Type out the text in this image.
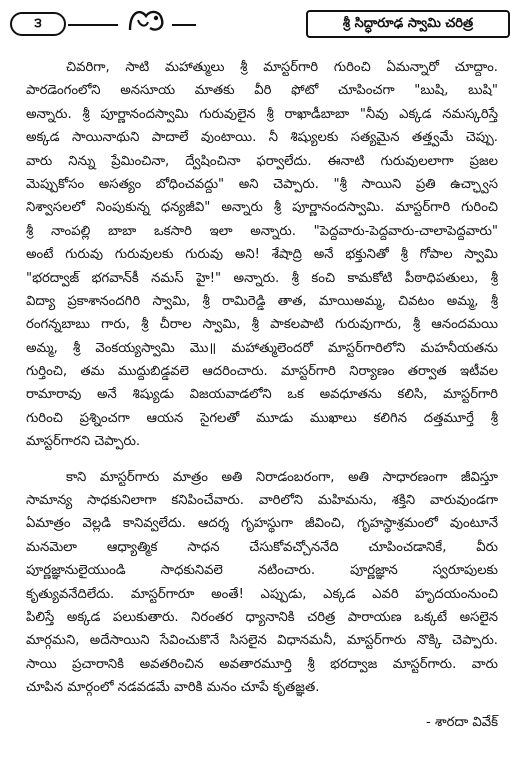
౩	శ్రీ సిద్ధారూఢ స్వామి చరిత్ర
చివరిగా, సాటి మహాత్ములు శ్రీ మాస్టర్‌గారి గురించి ఏమన్నారో చూద్దాం.
పారడెంగంలోని అనసూయ మాతకు వీరి ఫోటో చూపించగా "బుషి, బుషి"
అన్నారు. శ్రీ పూర్ణానందస్వామి గురువులైన శ్రీ రాఖాడీబాబా "నీవు ఎక్కడ నమస్కరిస్తే
అక్కడ సాయినాథుని పాదాలే వుంటాయి. నీ శిష్యులకు సత్యమైన తత్త్వమే చెప్పు.
వారు నిన్ను ప్రేమించినా, ద్వేషించినా ఫర్వాలేదు. ఈనాటి గురువులలాగా ప్రజల
మెప్పుకోసం అసత్యం బోధించవద్దు" అని చెప్పారు. "శ్రీ సాయిని ప్రతి ఉచ్ఛ్వాస
నిశ్వాసలలో నింపుకున్న ధన్యజీవి" అన్నారు శ్రీ పూర్ణానందస్వామి. మాస్టర్‌గారి గురించి
శ్రీ నాంపల్లి బాబా ఒకసారి ఇలా అన్నారు. "పెద్దవారు-పెద్దవారు-చాలాపెద్దవారు"
అంటే గురువు గురువులకు గురువు అని! శేషాద్రి అనే భక్తునితో శ్రీ గోపాల స్వామి
"భరద్వాజ్ భగవాన్‌కీ నమస్ హై!" అన్నారు. శ్రీ కంచి కామకోటి పీఠాధిపతులు, శ్రీ
విద్యా ప్రకాశానందగిరి స్వామి, శ్రీ రామిరెడ్డి తాత, మాయిఅమ్మ, చివటం అమ్మ, శ్రీ
రంగన్నబాబు గారు, శ్రీ చీరాల స్వామి, శ్రీ పాకలపాటి గురువుగారు, శ్రీ ఆనందమయి
అమ్మ, శ్రీ వెంకయ్యస్వామి మొ॥ మహాత్ములెందరో మాస్టర్‌గారిలోని మహనీయతను
గుర్తించి, తమ ముద్దుబిడ్డవలె ఆదరించారు. మాస్టర్‌గారి నిర్యాణం తర్వాత ఇటీవల
రామారావు అనే శిష్యుడు విజయవాడలోని ఒక అవధూతను కలిసి, మాస్టర్‌గారి
గురించి ప్రశ్నించగా ఆయన సైగలతో మూడు ముఖాలు కలిగిన దత్తమూర్తే శ్రీ
మాస్టర్‌గారని చెప్పారు.
కాని మాస్టర్‌గారు మాత్రం అతి నిరాడంబరంగా, అతి సాధారణంగా జీవిస్తూ
సామాన్య సాధకునిలాగా కనిపించేవారు. వారిలోని మహిమను, శక్తిని వారువుండగా
ఏమాత్రం వెల్లడి కానివ్వలేదు. ఆదర్శ గృహస్థుగా జీవించి, గృహస్థాశ్రమంలో వుంటూనే
మనమెలా ఆధ్యాత్మిక సాధన చేసుకోవచ్చోననేది చూపించడానికే, వీరు
పూర్ణజ్ఞానులైయుండి సాధకునివలె నటించారు. పూర్ణజ్ఞాన స్వరూపులకు
కృత్యువనేదిలేదు. మాస్టర్‌గారూ అంతే! ఎప్పుడు, ఎక్కడ ఎవరి హృదయంనుంచి
పిలిస్తే అక్కడ పలుకుతారు. నిరంతర ధ్యానానికి చరిత్ర పారాయణ ఒక్కటే అసలైన
మార్గమని, అదేసాయిని సేవించుకొనే సిసలైన విధానమనీ, మాస్టర్‌గారు నొక్కి చెప్పారు.
సాయి ప్రచారానికి అవతరించిన అవతారమూర్తి శ్రీ భరద్వాజ మాస్టర్‌గారు. వారు
చూపిన మార్గంలో నడవడమే వారికి మనం చూపే కృతజ్ఞత.
- శారదా వివేక్
